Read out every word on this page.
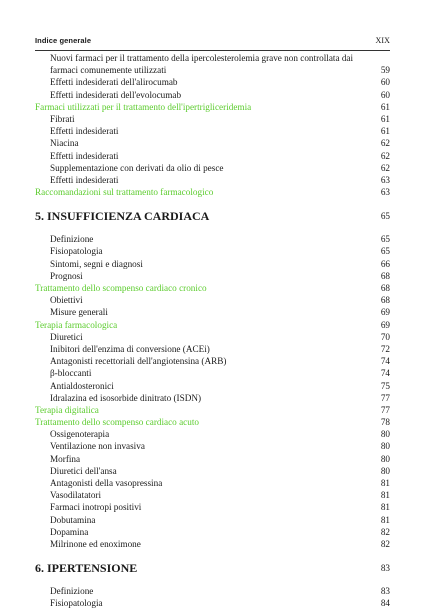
Indice generale	XIX
Nuovi farmaci per il trattamento della ipercolesterolemia grave non controllata dai farmaci comunemente utilizzati	59
Effetti indesiderati dell'alirocumab	60
Effetti indesiderati dell'evolocumab	60
Farmaci utilizzati per il trattamento dell'ipertrigliceridemia	61
Fibrati	61
Effetti indesiderati	61
Niacina	62
Effetti indesiderati	62
Supplementazione con derivati da olio di pesce	62
Effetti indesiderati	63
Raccomandazioni sul trattamento farmacologico	63
5. INSUFFICIENZA CARDIACA	65
Definizione	65
Fisiopatologia	65
Sintomi, segni e diagnosi	66
Prognosi	68
Trattamento dello scompenso cardiaco cronico	68
Obiettivi	68
Misure generali	69
Terapia farmacologica	69
Diuretici	70
Inibitori dell'enzima di conversione (ACEi)	72
Antagonisti recettoriali dell'angiotensina (ARB)	74
β-bloccanti	74
Antialdosteronici	75
Idralazina ed isosorbide dinitrato (ISDN)	77
Terapia digitalica	77
Trattamento dello scompenso cardiaco acuto	78
Ossigenoterapia	80
Ventilazione non invasiva	80
Morfina	80
Diuretici dell'ansa	80
Antagonisti della vasopressina	81
Vasodilatatori	81
Farmaci inotropi positivi	81
Dobutamina	81
Dopamina	82
Milrinone ed enoximone	82
6. IPERTENSIONE	83
Definizione	83
Fisiopatologia	84
